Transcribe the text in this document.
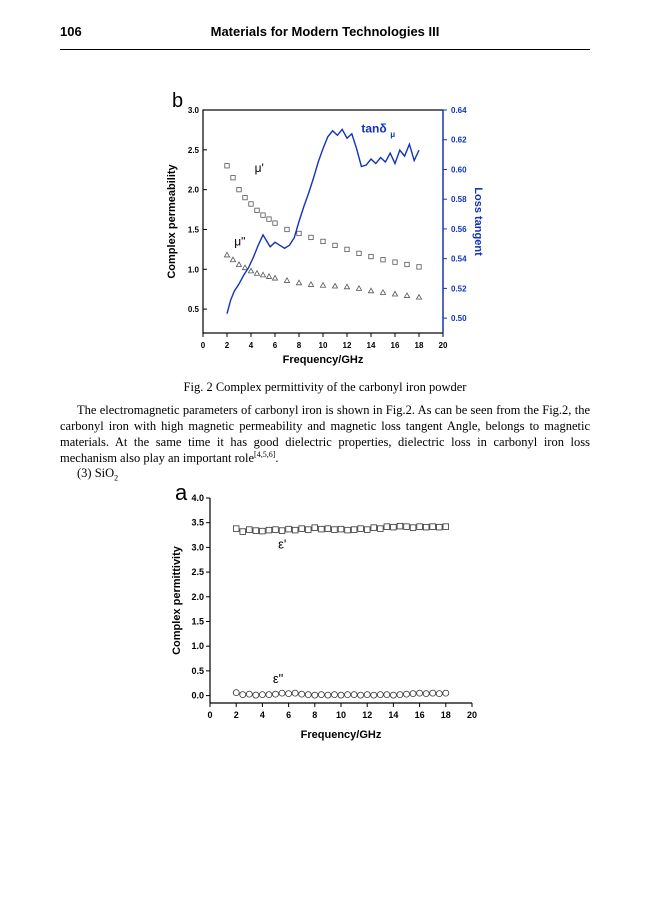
106	Materials for Modern Technologies III
0 2 4 6 8 10 12 14 16 18 20
0.5
1.0
1.5
2.0
2.5
3.0
0.50
0.52
0.54
0.56
0.58
0.60
0.62
0.64
Complex permeability	Loss tangent
Frequency/GHz
b
μ'
μ"
tanδ μ
Fig. 2 Complex permittivity of the carbonyl iron powder
The electromagnetic parameters of carbonyl iron is shown in Fig.2. As can be seen from the Fig.2, the carbonyl iron with high magnetic permeability and magnetic loss tangent Angle, belongs to magnetic materials. At the same time it has good dielectric properties, dielectric loss in carbonyl iron loss mechanism also play an important role[4,5,6].
(3) SiO$_2$
0 2 4 6 8 10 12 14 16 18 20
0.0
0.5
1.0
1.5
2.0
2.5
3.0
3.5
4.0
Complex permittivity
Frequency/GHz
a
ε'
ε"
